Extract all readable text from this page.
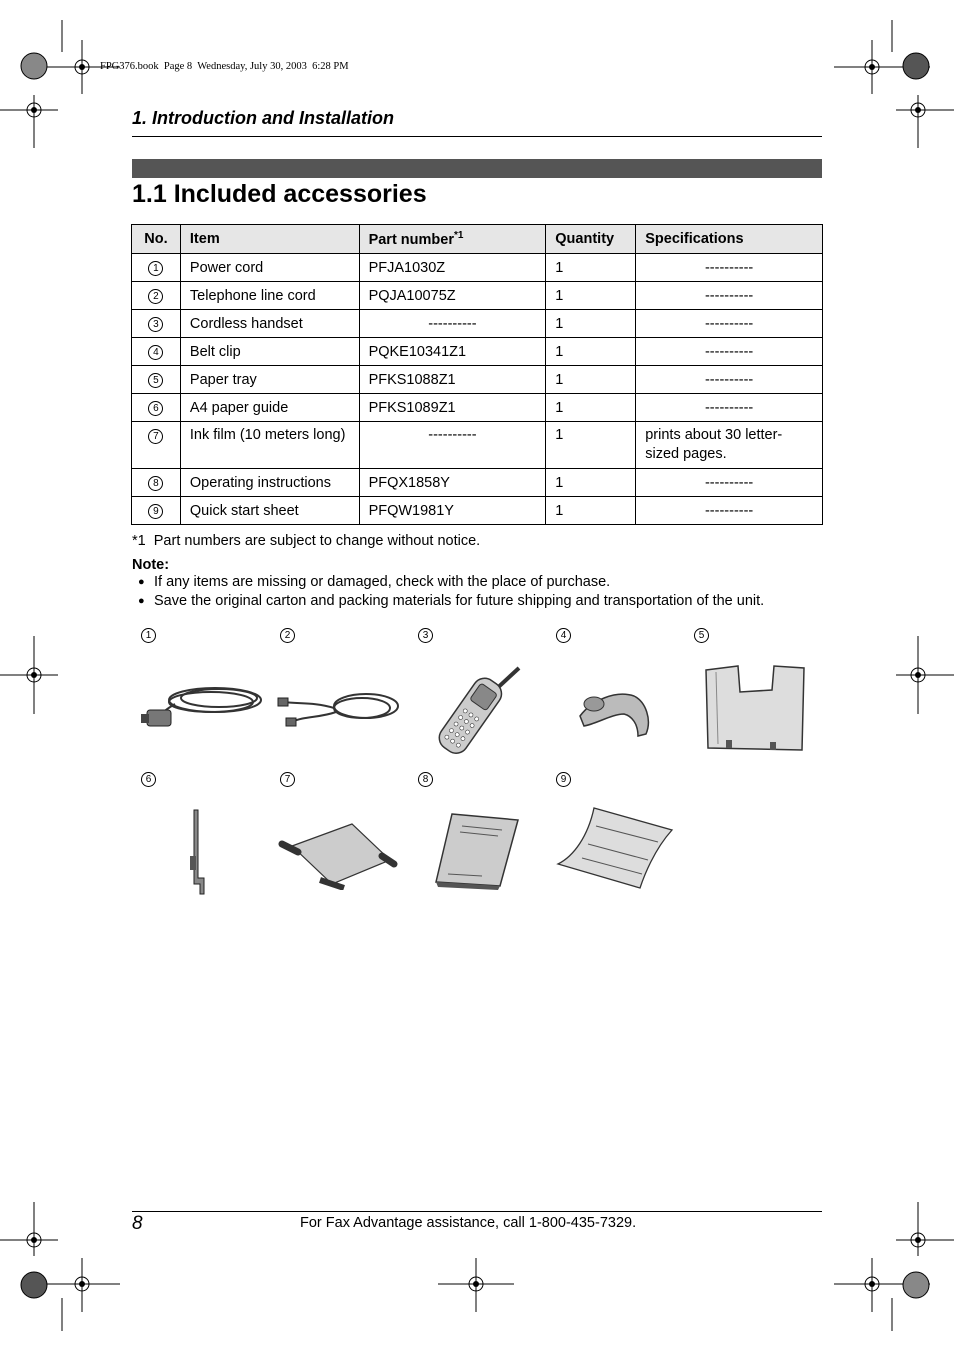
FPG376.book  Page 8  Wednesday, July 30, 2003  6:28 PM
1. Introduction and Installation
1.1 Included accessories
No.	Item	Part number$^{*1}$	Quantity	Specifications
1	Power cord	PFJA1030Z	1	----------
2	Telephone line cord	PQJA10075Z	1	----------
3	Cordless handset	----------	1	----------
4	Belt clip	PQKE10341Z1	1	----------
5	Paper tray	PFKS1088Z1	1	----------
6	A4 paper guide	PFKS1089Z1	1	----------
7	Ink film (10 meters long)	----------	1	prints about 30 letter-sized pages.
8	Operating instructions	PFQX1858Y	1	----------
9	Quick start sheet	PFQW1981Y	1	----------
*1  Part numbers are subject to change without notice.
Note:
● If any items are missing or damaged, check with the place of purchase.
● Save the original carton and packing materials for future shipping and transportation of the unit.
1	2	3	4	5
6	7	8	9
8	For Fax Advantage assistance, call 1-800-435-7329.
